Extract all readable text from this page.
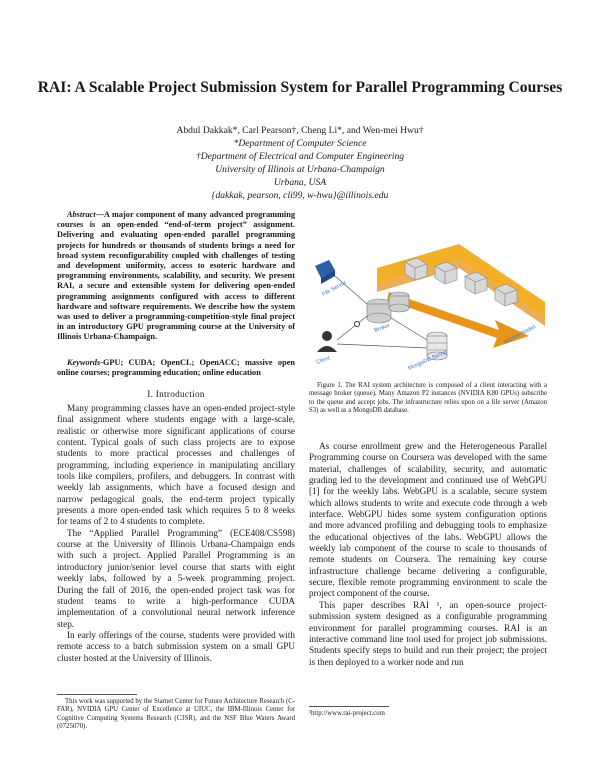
RAI: A Scalable Project Submission System for Parallel Programming Courses
Abdul Dakkak*, Carl Pearson†, Cheng Li*, and Wen-mei Hwu†
*Department of Computer Science
†Department of Electrical and Computer Engineering
University of Illinois at Urbana-Champaign
Urbana, USA
{dakkak, pearson, cli99, w-hwu}@illinois.edu
Abstract—A major component of many advanced programming courses is an open-ended “end-of-term project” assignment. Delivering and evaluating open-ended parallel programming projects for hundreds or thousands of students brings a need for broad system reconfigurability coupled with challenges of testing and development uniformity, access to esoteric hardware and programming environments, scalability, and security. We present RAI, a secure and extensible system for delivering open-ended programming assignments configured with access to different hardware and software requirements. We describe how the system was used to deliver a programming-competition-style final project in an introductory GPU programming course at the University of Illinois Urbana-Champaign.
Keywords-GPU; CUDA; OpenCL; OpenACC; massive open online courses; programming education; online education
I. Introduction

Many programming classes have an open-ended project-style final assignment where students engage with a large-scale, realistic or otherwise more significant applications of course content. Typical goals of such class projects are to expose students to more practical processes and challenges of programming, including experience in manipulating ancillary tools like compilers, profilers, and debuggers. In contrast with weekly lab assignments, which have a focused design and narrow pedagogical goals, the end-term project typically presents a more open-ended task which requires 5 to 8 weeks for teams of 2 to 4 students to complete.

The “Applied Parallel Programming” (ECE408/CS598) course at the University of Illinois Urbana-Champaign ends with such a project. Applied Parallel Programming is an introductory junior/senior level course that starts with eight weekly labs, followed by a 5-week programming project. During the fall of 2016, the open-ended project task was for student teams to write a high-performance CUDA implementation of a convolutional neural network inference step.

In early offerings of the course, students were provided with remote access to a batch submission system on a small GPU cluster hosted at the University of Illinois.

This work was supported by the Starnet Center for Future Architecture Research (C-FAR), NVIDIA GPU Center of Excellence at UIUC, the IBM-Illinois Center for Cognitive Computing Systems Research (C3SR), and the NSF Blue Waters Award (0725070).
File Server
Broker
Client	MongoDB Server
Worker Nodes
Figure 1. The RAI system architecture is composed of a client interacting with a message broker (queue). Many Amazon P2 instances (NVIDIA K80 GPUs) subscribe to the queue and accept jobs. The infrastructure relies upon on a file server (Amazon S3) as well as a MongoDB database.

As course enrollment grew and the Heterogeneous Parallel Programming course on Coursera was developed with the same material, challenges of scalability, security, and automatic grading led to the development and continued use of WebGPU [1] for the weekly labs. WebGPU is a scalable, secure system which allows students to write and execute code through a web interface. WebGPU hides some system configuration options and more advanced profiling and debugging tools to emphasize the educational objectives of the labs. WebGPU allows the weekly lab component of the course to scale to thousands of remote students on Coursera. The remaining key course infrastructure challenge became delivering a configurable, secure, flexible remote programming environment to scale the project component of the course.

This paper describes RAI ¹, an open-source project-submission system designed as a configurable programming environment for parallel programming courses. RAI is an interactive command line tool used for project job submissions. Students specify steps to build and run their project; the project is then deployed to a worker node and run

¹http://www.rai-project.com
